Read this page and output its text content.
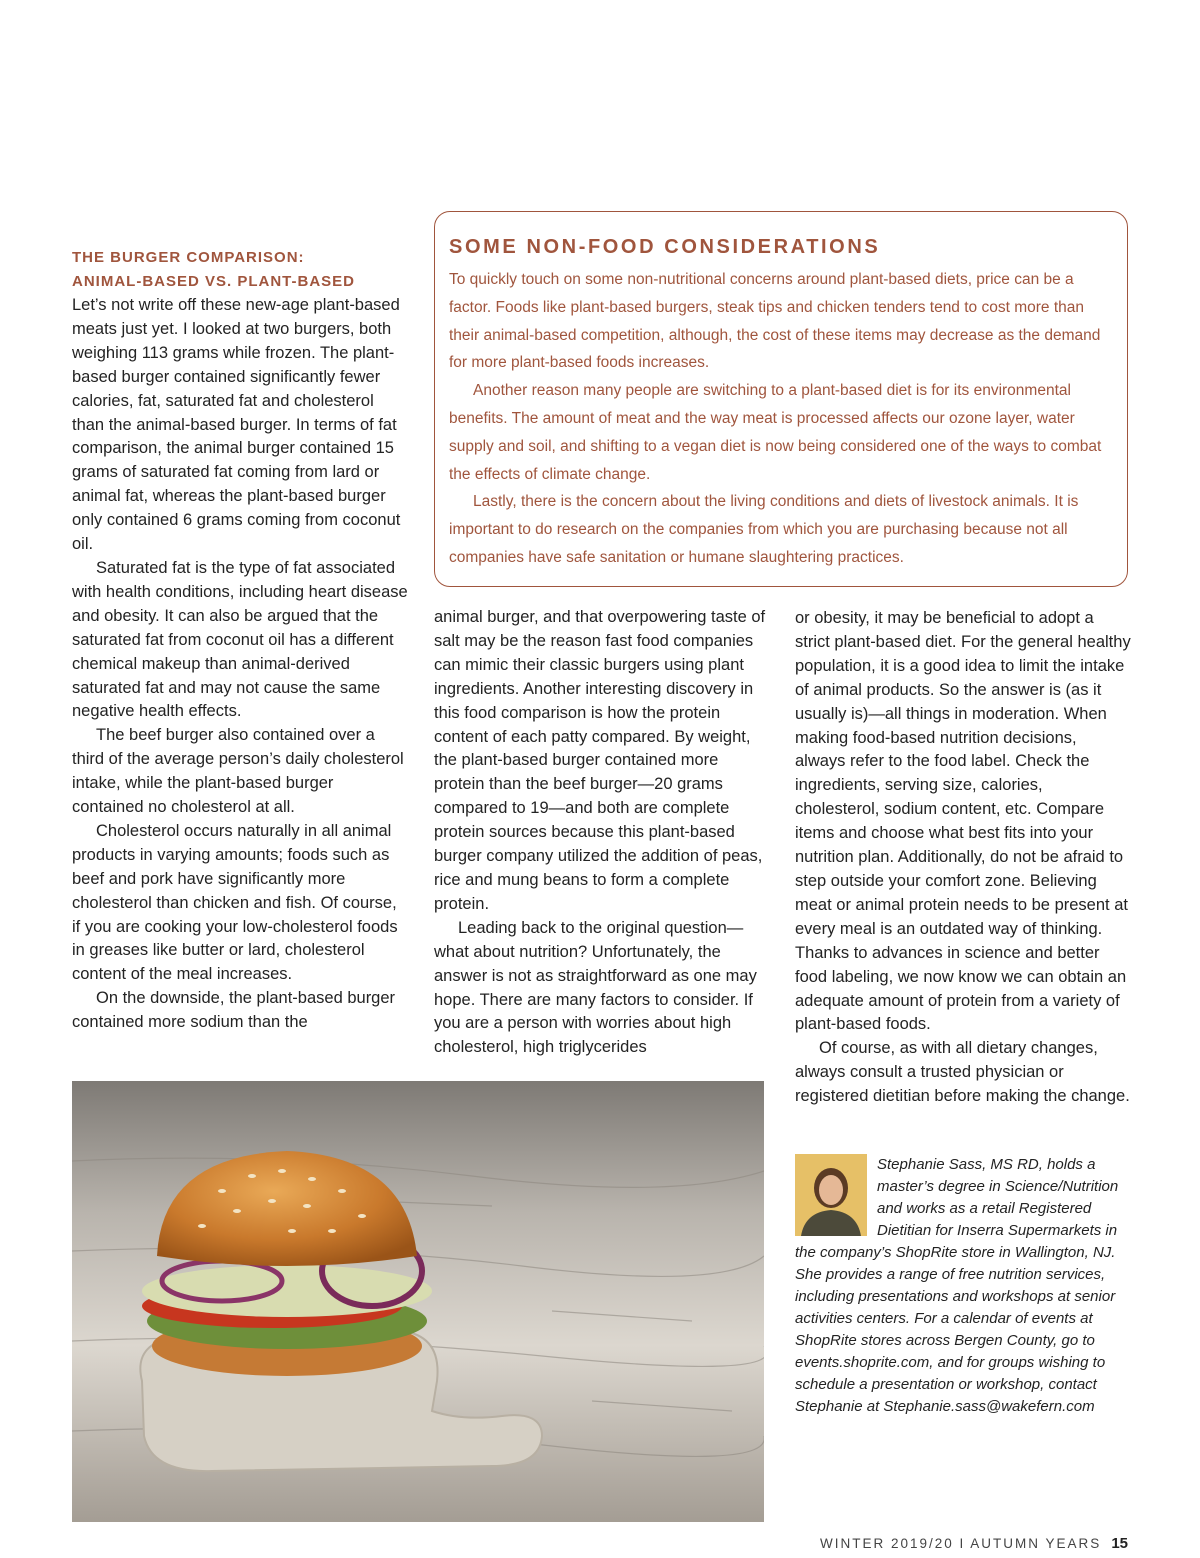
THE BURGER COMPARISON:
ANIMAL-BASED VS. PLANT-BASED

Let’s not write off these new-age plant-based meats just yet. I looked at two burgers, both weighing 113 grams while frozen. The plant-based burger contained significantly fewer calories, fat, saturated fat and cholesterol than the animal-based burger. In terms of fat comparison, the animal burger contained 15 grams of saturated fat coming from lard or animal fat, whereas the plant-based burger only contained 6 grams coming from coconut oil.

Saturated fat is the type of fat associated with health conditions, including heart disease and obesity. It can also be argued that the saturated fat from coconut oil has a different chemical makeup than animal-derived saturated fat and may not cause the same negative health effects.

The beef burger also contained over a third of the average person’s daily cholesterol intake, while the plant-based burger contained no cholesterol at all.

Cholesterol occurs naturally in all animal products in varying amounts; foods such as beef and pork have significantly more cholesterol than chicken and fish. Of course, if you are cooking your low-cholesterol foods in greases like butter or lard, cholesterol content of the meal increases.

On the downside, the plant-based burger contained more sodium than the

SOME NON-FOOD CONSIDERATIONS

To quickly touch on some non-nutritional concerns around plant-based diets, price can be a factor. Foods like plant-based burgers, steak tips and chicken tenders tend to cost more than their animal-based competition, although, the cost of these items may decrease as the demand for more plant-based foods increases.

Another reason many people are switching to a plant-based diet is for its environmental benefits. The amount of meat and the way meat is processed affects our ozone layer, water supply and soil, and shifting to a vegan diet is now being considered one of the ways to combat the effects of climate change.

Lastly, there is the concern about the living conditions and diets of livestock animals. It is important to do research on the companies from which you are purchasing because not all companies have safe sanitation or humane slaughtering practices.

animal burger, and that overpowering taste of salt may be the reason fast food companies can mimic their classic burgers using plant ingredients. Another interesting discovery in this food comparison is how the protein content of each patty compared. By weight, the plant-based burger contained more protein than the beef burger—20 grams compared to 19—and both are complete protein sources because this plant-based burger company utilized the addition of peas, rice and mung beans to form a complete protein.

Leading back to the original question—what about nutrition? Unfortunately, the answer is not as straightforward as one may hope. There are many factors to consider. If you are a person with worries about high cholesterol, high triglycerides

or obesity, it may be beneficial to adopt a strict plant-based diet. For the general healthy population, it is a good idea to limit the intake of animal products. So the answer is (as it usually is)—all things in moderation. When making food-based nutrition decisions, always refer to the food label. Check the ingredients, serving size, calories, cholesterol, sodium content, etc. Compare items and choose what best fits into your nutrition plan. Additionally, do not be afraid to step outside your comfort zone. Believing meat or animal protein needs to be present at every meal is an outdated way of thinking. Thanks to advances in science and better food labeling, we now know we can obtain an adequate amount of protein from a variety of plant-based foods.

Of course, as with all dietary changes, always consult a trusted physician or registered dietitian before making the change.

Stephanie Sass, MS RD, holds a master’s degree in Science/Nutrition and works as a retail Registered Dietitian for Inserra Supermarkets in the company’s ShopRite store in Wallington, NJ. She provides a range of free nutrition services, including presentations and workshops at senior activities centers. For a calendar of events at ShopRite stores across Bergen County, go to events.shoprite.com, and for groups wishing to schedule a presentation or workshop, contact Stephanie at Stephanie.sass@wakefern.com

WINTER 2019/20 I AUTUMN YEARS 15
